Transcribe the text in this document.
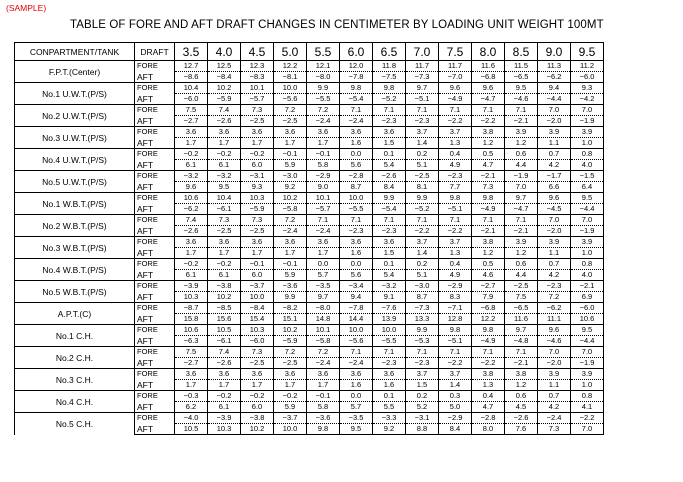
(SAMPLE)
TABLE OF FORE AND AFT DRAFT CHANGES IN CENTIMETER BY LOADING UNIT WEIGHT 100MT
CONPARTMENT/TANK	DRAFT	3.5	4.0	4.5	5.0	5.5	6.0	6.5	7.0	7.5	8.0	8.5	9.0	9.5
F.P.T.(Center)	FORE	12.7	12.5	12.3	12.2	12.1	12.0	11.8	11.7	11.7	11.6	11.5	11.3	11.2
	AFT	−8.6	−8.4	−8.3	−8.1	−8.0	−7.8	−7.5	−7.3	−7.0	−6.8	−6.5	−6.2	−6.0
No.1 U.W.T.(P/S)	FORE	10.4	10.2	10.1	10.0	9.9	9.8	9.8	9.7	9.6	9.6	9.5	9.4	9.3
	AFT	−6.0	−5.9	−5.7	−5.6	−5.5	−5.4	−5.2	−5.1	−4.9	−4.7	−4.6	−4.4	−4.2
No.2 U.W.T.(P/S)	FORE	7.5	7.4	7.3	7.2	7.2	7.1	7.1	7.1	7.1	7.1	7.1	7.0	7.0
	AFT	−2.7	−2.6	−2.5	−2.5	−2.4	−2.4	−2.3	−2.3	−2.2	−2.2	−2.1	−2.0	−1.9
No.3 U.W.T.(P/S)	FORE	3.6	3.6	3.6	3.6	3.6	3.6	3.6	3.7	3.7	3.8	3.9	3.9	3.9
	AFT	1.7	1.7	1.7	1.7	1.7	1.6	1.5	1.4	1.3	1.2	1.2	1.1	1.0
No.4 U.W.T.(P/S)	FORE	−0.2	−0.2	−0.2	−0.1	−0.1	0.0	0.1	0.2	0.4	0.5	0.6	0.7	0.8
	AFT	6.1	6.1	6.0	5.9	5.8	5.6	5.4	5.1	4.9	4.7	4.4	4.2	4.0
No.5 U.W.T.(P/S)	FORE	−3.2	−3.2	−3.1	−3.0	−2.9	−2.8	−2.6	−2.5	−2.3	−2.1	−1.9	−1.7	−1.5
	AFT	9.6	9.5	9.3	9.2	9.0	8.7	8.4	8.1	7.7	7.3	7.0	6.6	6.4
No.1 W.B.T.(P/S)	FORE	10.6	10.4	10.3	10.2	10.1	10.0	9.9	9.9	9.8	9.8	9.7	9.6	9.5
	AFT	−6.2	−6.1	−5.9	−5.8	−5.7	−5.5	−5.4	−5.2	−5.1	−4.9	−4.7	−4.5	−4.4
No.2 W.B.T.(P/S)	FORE	7.4	7.3	7.3	7.2	7.1	7.1	7.1	7.1	7.1	7.1	7.1	7.0	7.0
	AFT	−2.6	−2.5	−2.5	−2.4	−2.4	−2.3	−2.3	−2.2	−2.2	−2.1	−2.1	−2.0	−1.9
No.3 W.B.T.(P/S)	FORE	3.6	3.6	3.6	3.6	3.6	3.6	3.6	3.7	3.7	3.8	3.9	3.9	3.9
	AFT	1.7	1.7	1.7	1.7	1.7	1.6	1.5	1.4	1.3	1.2	1.2	1.1	1.0
No.4 W.B.T.(P/S)	FORE	−0.2	−0.2	−0.1	−0.1	0.0	0.0	0.1	0.2	0.4	0.5	0.6	0.7	0.8
	AFT	6.1	6.1	6.0	5.9	5.7	5.6	5.4	5.1	4.9	4.6	4.4	4.2	4.0
No.5 W.B.T.(P/S)	FORE	−3.9	−3.8	−3.7	−3.6	−3.5	−3.4	−3.2	−3.0	−2.9	−2.7	−2.5	−2.3	−2.1
	AFT	10.3	10.2	10.0	9.9	9.7	9.4	9.1	8.7	8.3	7.9	7.5	7.2	6.9
A.P.T.(C)	FORE	−8.7	−8.5	−8.4	−8.2	−8.0	−7.8	−7.6	−7.3	−7.1	−6.8	−6.5	−6.2	−6.0
	AFT	15.8	15.6	15.4	15.1	14.8	14.4	13.9	13.3	12.8	12.2	11.6	11.1	10.6
No.1 C.H.	FORE	10.6	10.5	10.3	10.2	10.1	10.0	10.0	9.9	9.8	9.8	9.7	9.6	9.5
	AFT	−6.3	−6.1	−6.0	−5.9	−5.8	−5.6	−5.5	−5.3	−5.1	−4.9	−4.8	−4.6	−4.4
No.2 C.H.	FORE	7.5	7.4	7.3	7.2	7.2	7.1	7.1	7.1	7.1	7.1	7.1	7.0	7.0
	AFT	−2.7	−2.6	−2.5	−2.5	−2.4	−2.4	−2.3	−2.3	−2.2	−2.2	−2.1	−2.0	−1.9
No.3 C.H.	FORE	3.6	3.6	3.6	3.6	3.6	3.6	3.6	3.7	3.7	3.8	3.8	3.9	3.9
	AFT	1.7	1.7	1.7	1.7	1.7	1.6	1.6	1.5	1.4	1.3	1.2	1.1	1.0
No.4 C.H.	FORE	−0.3	−0.2	−0.2	−0.2	−0.1	0.0	0.1	0.2	0.3	0.4	0.6	0.7	0.8
	AFT	6.2	6.1	6.0	5.9	5.8	5.7	5.5	5.2	5.0	4.7	4.5	4.2	4.1
No.5 C.H.	FORE	−4.0	−3.9	−3.8	−3.7	−3.6	−3.5	−3.3	−3.1	−2.9	−2.8	−2.6	−2.4	−2.2
	AFT	10.5	10.3	10.2	10.0	9.8	9.5	9.2	8.8	8.4	8.0	7.6	7.3	7.0
